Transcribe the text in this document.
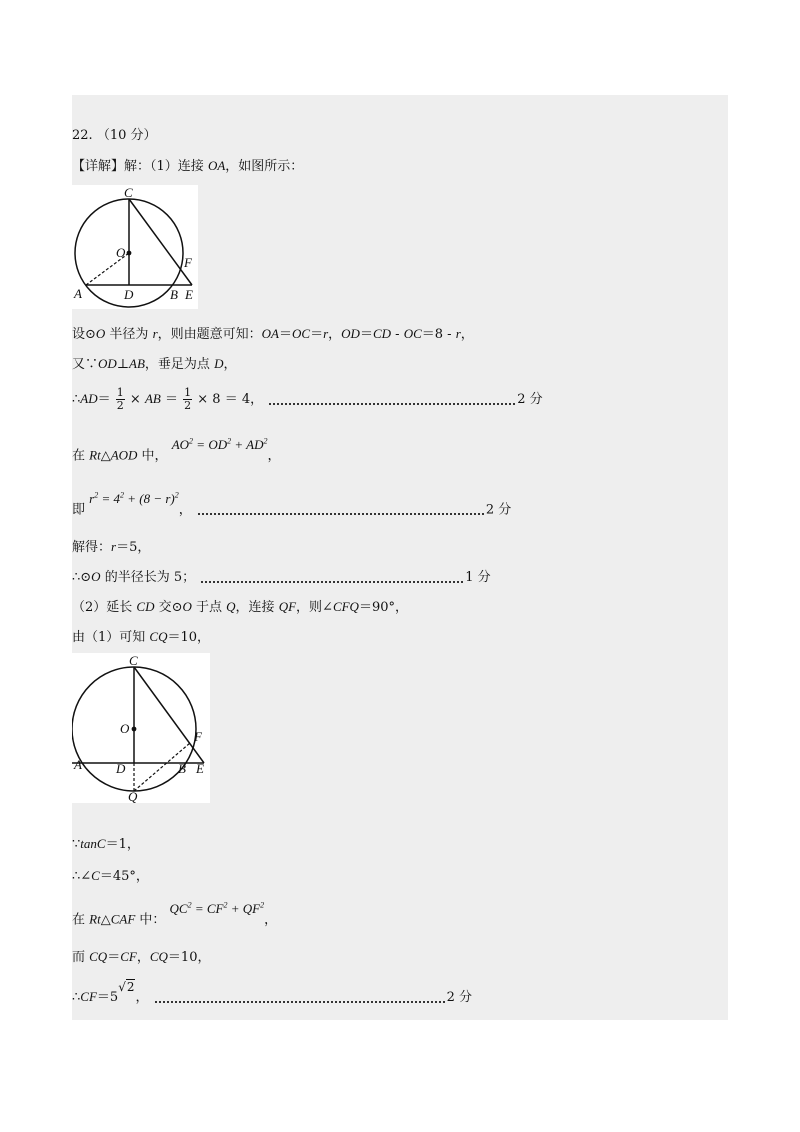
22. （10 分）
【详解】解：（1）连接 OA，如图所示：
C
O
F
A	D	B E
设⊙O 半径为 r，则由题意可知：OA＝OC＝r，OD＝CD - OC＝8 - r，
又∵OD⊥AB，垂足为点 D，
∴AD＝ $\frac{1}{2}$ × AB ＝ $\frac{1}{2} \times 8 = 4$，	2 分
在 Rt△AOD 中， $AO^2 = OD^2 + AD^2$，
即 $r^2 = 4^2 + (8 - r)^2$，	2 分
解得：r＝5，
∴⊙O 的半径长为 5；	1 分
（2）延长 CD 交⊙O 于点 Q，连接 QF，则∠CFQ＝90°，
由（1）可知 CQ＝10，
C
O
F
A	D	B E
Q
∵tanC＝1，
∴∠C＝45°，
在 Rt△CAF 中： $QC^2 = CF^2 + QF^2$，
而 CQ＝CF，CQ＝10，
∴CF＝5√2，	2 分
